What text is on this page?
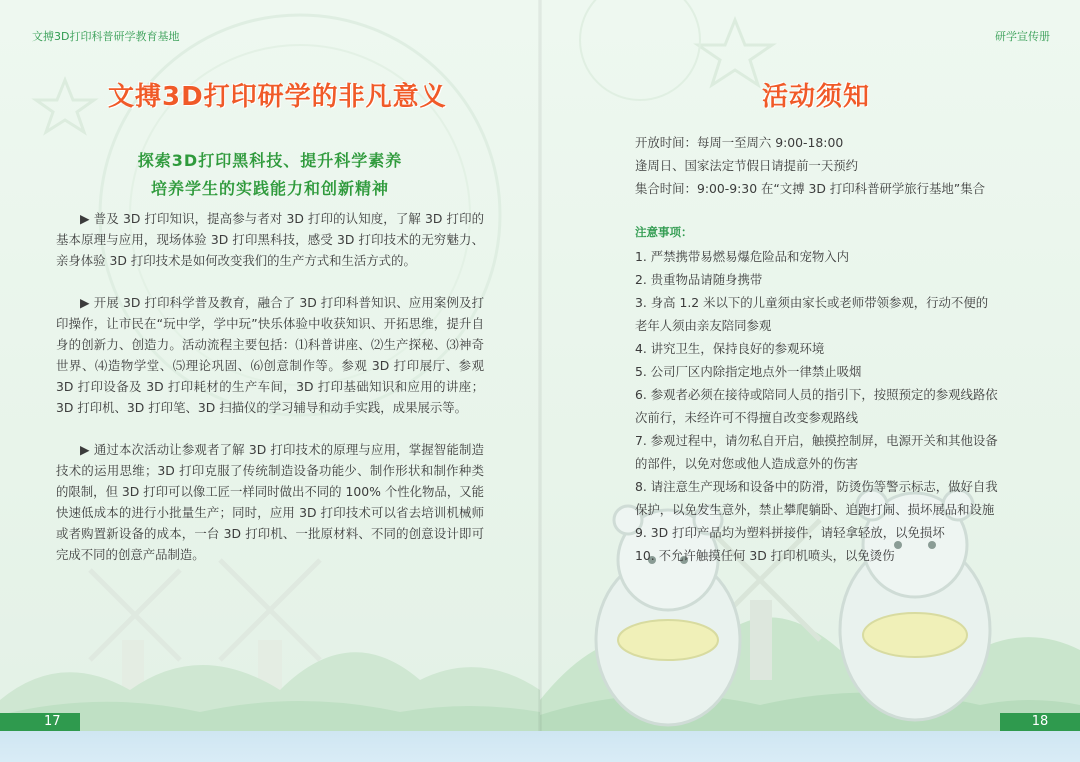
文搏3D打印科普研学教育基地	研学宣传册
文搏3D打印研学的非凡意义
探索3D打印黑科技、提升科学素养
培养学生的实践能力和创新精神

▶ 普及 3D 打印知识，提高参与者对 3D 打印的认知度，了解 3D 打印的基本原理与应用，现场体验 3D 打印黑科技，感受 3D 打印技术的无穷魅力、亲身体验 3D 打印技术是如何改变我们的生产方式和生活方式的。

▶ 开展 3D 打印科学普及教育，融合了 3D 打印科普知识、应用案例及打印操作，让市民在“玩中学，学中玩”快乐体验中收获知识、开拓思维，提升自身的创新力、创造力。活动流程主要包括：⑴科普讲座、⑵生产探秘、⑶神奇世界、⑷造物学堂、⑸理论巩固、⑹创意制作等。参观 3D 打印展厅、参观 3D 打印设备及 3D 打印耗材的生产车间，3D 打印基础知识和应用的讲座；3D 打印机、3D 打印笔、3D 扫描仪的学习辅导和动手实践，成果展示等。

▶ 通过本次活动让参观者了解 3D 打印技术的原理与应用，掌握智能制造技术的运用思维；3D 打印克服了传统制造设备功能少、制作形状和制作种类的限制，但 3D 打印可以像工匠一样同时做出不同的 100% 个性化物品，又能快速低成本的进行小批量生产；同时，应用 3D 打印技术可以省去培训机械师或者购置新设备的成本，一台 3D 打印机、一批原材料、不同的创意设计即可完成不同的创意产品制造。

活动须知
开放时间：每周一至周六 9:00-18:00
逢周日、国家法定节假日请提前一天预约
集合时间：9:00-9:30 在“文搏 3D 打印科普研学旅行基地”集合
注意事项：
1. 严禁携带易燃易爆危险品和宠物入内
2. 贵重物品请随身携带
3. 身高 1.2 米以下的儿童须由家长或老师带领参观，行动不便的老年人须由亲友陪同参观
4. 讲究卫生，保持良好的参观环境
5. 公司厂区内除指定地点外一律禁止吸烟
6. 参观者必须在接待或陪同人员的指引下，按照预定的参观线路依次前行，未经许可不得擅自改变参观路线
7. 参观过程中，请勿私自开启，触摸控制屏，电源开关和其他设备的部件，以免对您或他人造成意外的伤害
8. 请注意生产现场和设备中的防滑，防烫伤等警示标志，做好自我保护，以免发生意外，禁止攀爬躺卧、追跑打闹、损坏展品和设施
9. 3D 打印产品均为塑料拼接件，请轻拿轻放，以免损坏
10. 不允许触摸任何 3D 打印机喷头，以免烫伤
17	18
